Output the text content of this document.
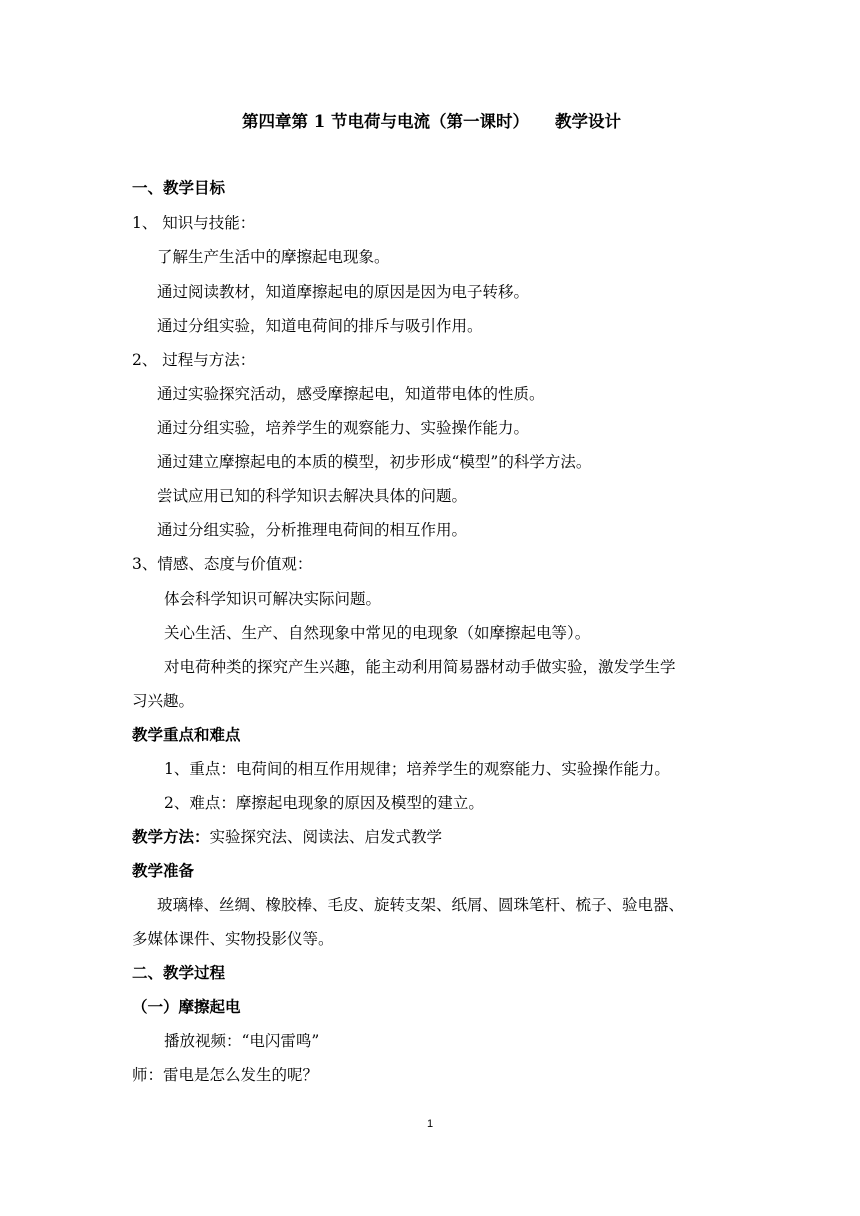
第四章第 1 节电荷与电流（第一课时） 教学设计
一、教学目标
1、 知识与技能：
了解生产生活中的摩擦起电现象。
通过阅读教材，知道摩擦起电的原因是因为电子转移。
通过分组实验，知道电荷间的排斥与吸引作用。
2、 过程与方法：
通过实验探究活动，感受摩擦起电，知道带电体的性质。
通过分组实验，培养学生的观察能力、实验操作能力。
通过建立摩擦起电的本质的模型，初步形成“模型”的科学方法。
尝试应用已知的科学知识去解决具体的问题。
通过分组实验，分析推理电荷间的相互作用。
3、情感、态度与价值观：
体会科学知识可解决实际问题。
关心生活、生产、自然现象中常见的电现象（如摩擦起电等）。
对电荷种类的探究产生兴趣，能主动利用简易器材动手做实验，激发学生学
习兴趣。
教学重点和难点
1、重点：电荷间的相互作用规律；培养学生的观察能力、实验操作能力。
2、难点：摩擦起电现象的原因及模型的建立。
教学方法：实验探究法、阅读法、启发式教学
教学准备
玻璃棒、丝绸、橡胶棒、毛皮、旋转支架、纸屑、圆珠笔杆、梳子、验电器、
多媒体课件、实物投影仪等。
二、教学过程
（一）摩擦起电
播放视频：“电闪雷鸣”
师：雷电是怎么发生的呢？
1
